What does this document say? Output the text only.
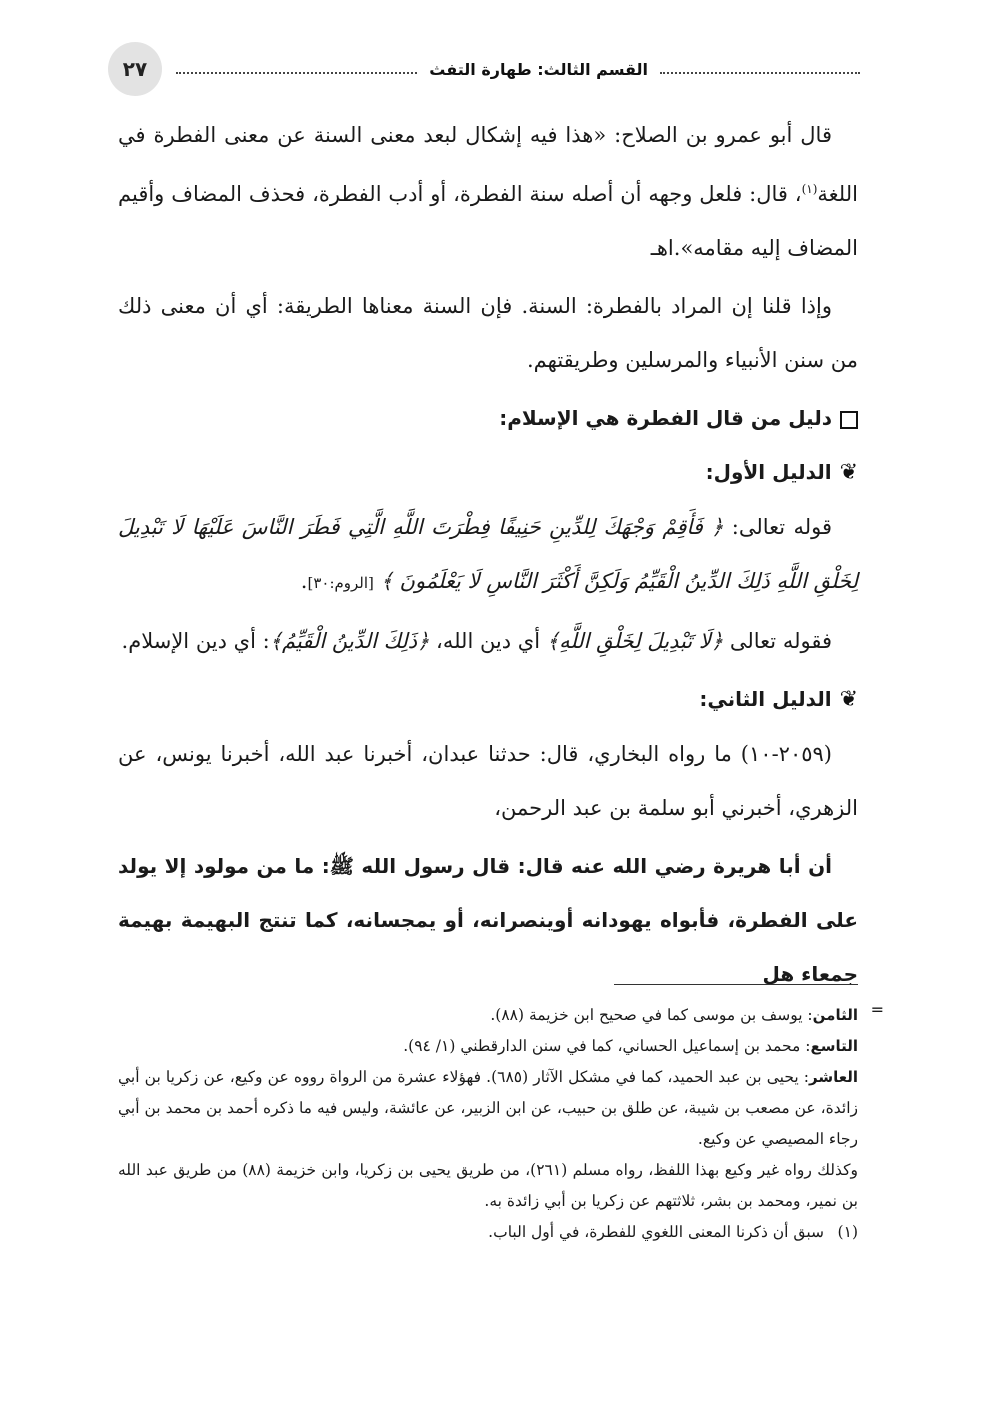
٢٧	القسم الثالث: طهارة التفث

قال أبو عمرو بن الصلاح: «هذا فيه إشكال لبعد معنى السنة عن معنى الفطرة في اللغة$^{(١)}$، قال: فلعل وجهه أن أصله سنة الفطرة، أو أدب الفطرة، فحذف المضاف وأقيم المضاف إليه مقامه».اهـ

وإذا قلنا إن المراد بالفطرة: السنة. فإن السنة معناها الطريقة: أي أن معنى ذلك من سنن الأنبياء والمرسلين وطريقتهم.

دليل من قال الفطرة هي الإسلام:

❦الدليل الأول:

قوله تعالى: ﴿ فَأَقِمْ وَجْهَكَ لِلدِّينِ حَنِيفًا فِطْرَتَ اللَّهِ الَّتِي فَطَرَ النَّاسَ عَلَيْهَا لَا تَبْدِيلَ لِخَلْقِ اللَّهِ ذَلِكَ الدِّينُ الْقَيِّمُ وَلَكِنَّ أَكْثَرَ النَّاسِ لَا يَعْلَمُونَ ﴾ [الروم:٣٠].

فقوله تعالى ﴿لَا تَبْدِيلَ لِخَلْقِ اللَّهِ﴾ أي دين الله، ﴿ذَلِكَ الدِّينُ الْقَيِّمُ﴾: أي دين الإسلام.

❦الدليل الثاني:

(٢٠٥٩-١٠) ما رواه البخاري، قال: حدثنا عبدان، أخبرنا عبد الله، أخبرنا يونس، عن الزهري، أخبرني أبو سلمة بن عبد الرحمن،

أن أبا هريرة رضي الله عنه قال: قال رسول الله ﷺ: ما من مولود إلا يولد على الفطرة، فأبواه يهودانه أوينصرانه، أو يمجسانه، كما تنتج البهيمة بهيمة جمعاء هل

=

الثامن: يوسف بن موسى كما في صحيح ابن خزيمة (٨٨).

التاسع: محمد بن إسماعيل الحساني، كما في سنن الدارقطني (١/ ٩٤).

العاشر: يحيى بن عبد الحميد، كما في مشكل الآثار (٦٨٥). فهؤلاء عشرة من الرواة رووه عن وكيع، عن زكريا بن أبي زائدة، عن مصعب بن شيبة، عن طلق بن حبيب، عن ابن الزبير، عن عائشة، وليس فيه ما ذكره أحمد بن محمد بن أبي رجاء المصيصي عن وكيع.

وكذلك رواه غير وكيع بهذا اللفظ، رواه مسلم (٢٦١)، من طريق يحيى بن زكريا، وابن خزيمة (٨٨) من طريق عبد الله بن نمير، ومحمد بن بشر، ثلاثتهم عن زكريا بن أبي زائدة به.

(١)سبق أن ذكرنا المعنى اللغوي للفطرة، في أول الباب.
